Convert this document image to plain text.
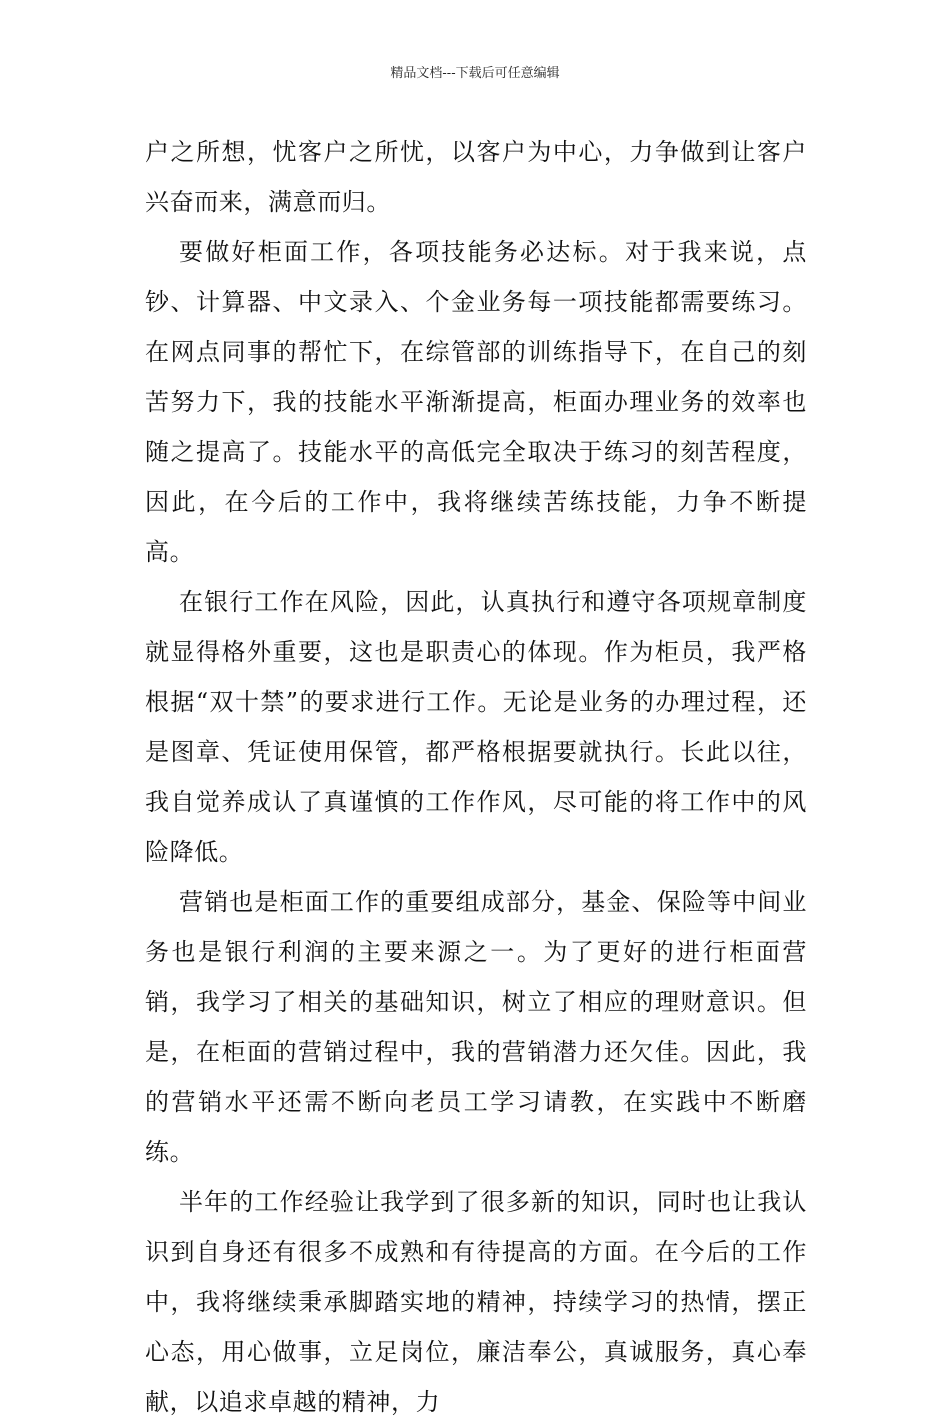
精品文档---下载后可任意编辑

户之所想，忧客户之所忧，以客户为中心，力争做到让客户兴奋而来，满意而归。

要做好柜面工作，各项技能务必达标。对于我来说，点钞、计算器、中文录入、个金业务每一项技能都需要练习。在网点同事的帮忙下，在综管部的训练指导下，在自己的刻苦努力下，我的技能水平渐渐提高，柜面办理业务的效率也随之提高了。技能水平的高低完全取决于练习的刻苦程度，因此，在今后的工作中，我将继续苦练技能，力争不断提高。

在银行工作在风险，因此，认真执行和遵守各项规章制度就显得格外重要，这也是职责心的体现。作为柜员，我严格根据“双十禁”的要求进行工作。无论是业务的办理过程，还是图章、凭证使用保管，都严格根据要就执行。长此以往，我自觉养成认了真谨慎的工作作风，尽可能的将工作中的风险降低。

营销也是柜面工作的重要组成部分，基金、保险等中间业务也是银行利润的主要来源之一。为了更好的进行柜面营销，我学习了相关的基础知识，树立了相应的理财意识。但是，在柜面的营销过程中，我的营销潜力还欠佳。因此，我的营销水平还需不断向老员工学习请教，在实践中不断磨练。

半年的工作经验让我学到了很多新的知识，同时也让我认识到自身还有很多不成熟和有待提高的方面。在今后的工作中，我将继续秉承脚踏实地的精神，持续学习的热情，摆正心态，用心做事，立足岗位，廉洁奉公，真诚服务，真心奉献，以追求卓越的精神，力
